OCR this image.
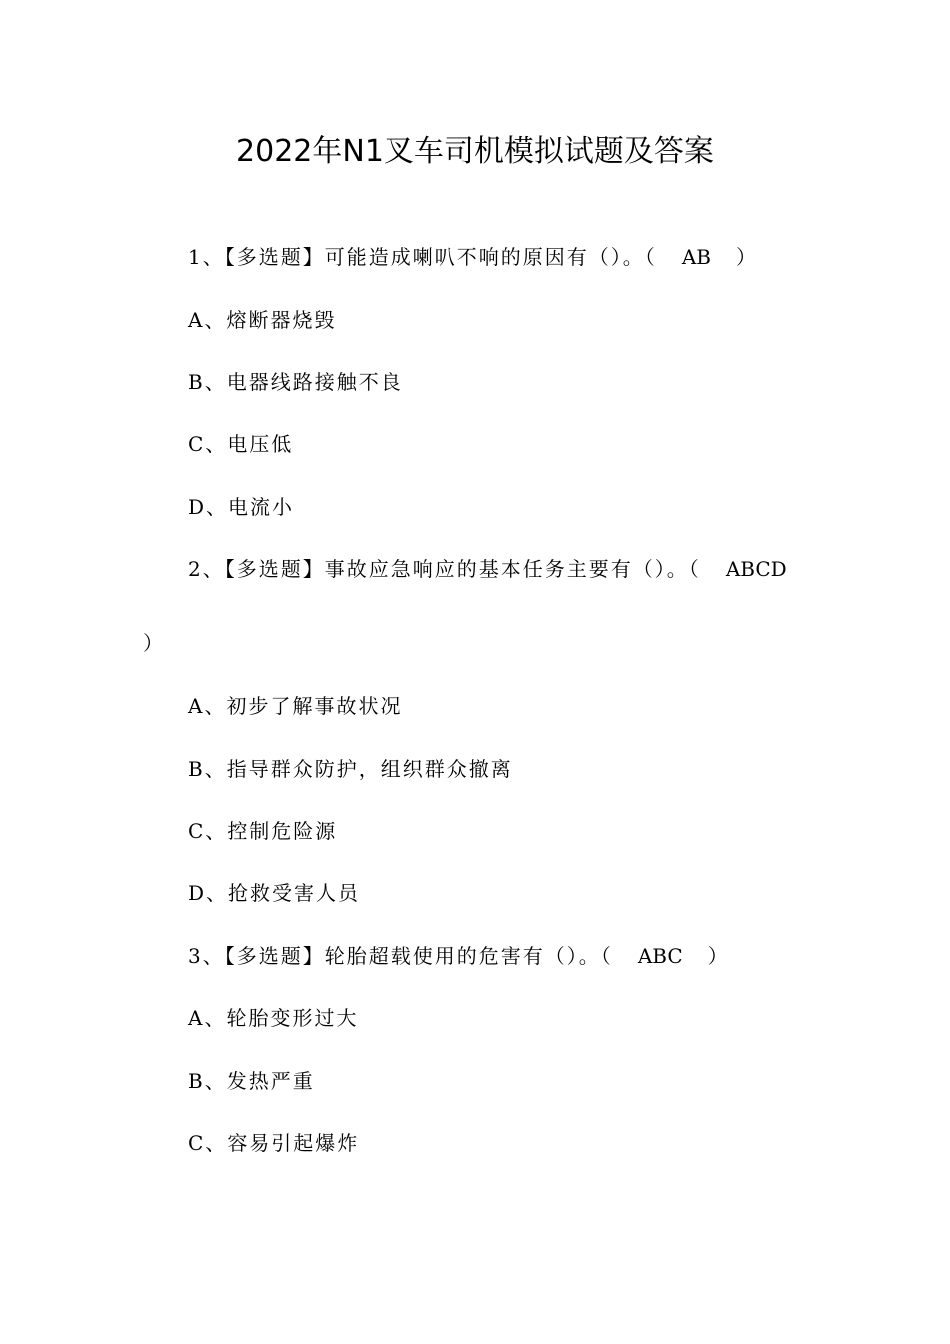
2022年N1叉车司机模拟试题及答案
1、【多选题】可能造成喇叭不响的原因有（）。（ AB ）
A、熔断器烧毁
B、电器线路接触不良
C、电压低
D、电流小
2、【多选题】事故应急响应的基本任务主要有（）。（ ABCD
）
A、初步了解事故状况
B、指导群众防护，组织群众撤离
C、控制危险源
D、抢救受害人员
3、【多选题】轮胎超载使用的危害有（）。（ ABC ）
A、轮胎变形过大
B、发热严重
C、容易引起爆炸
